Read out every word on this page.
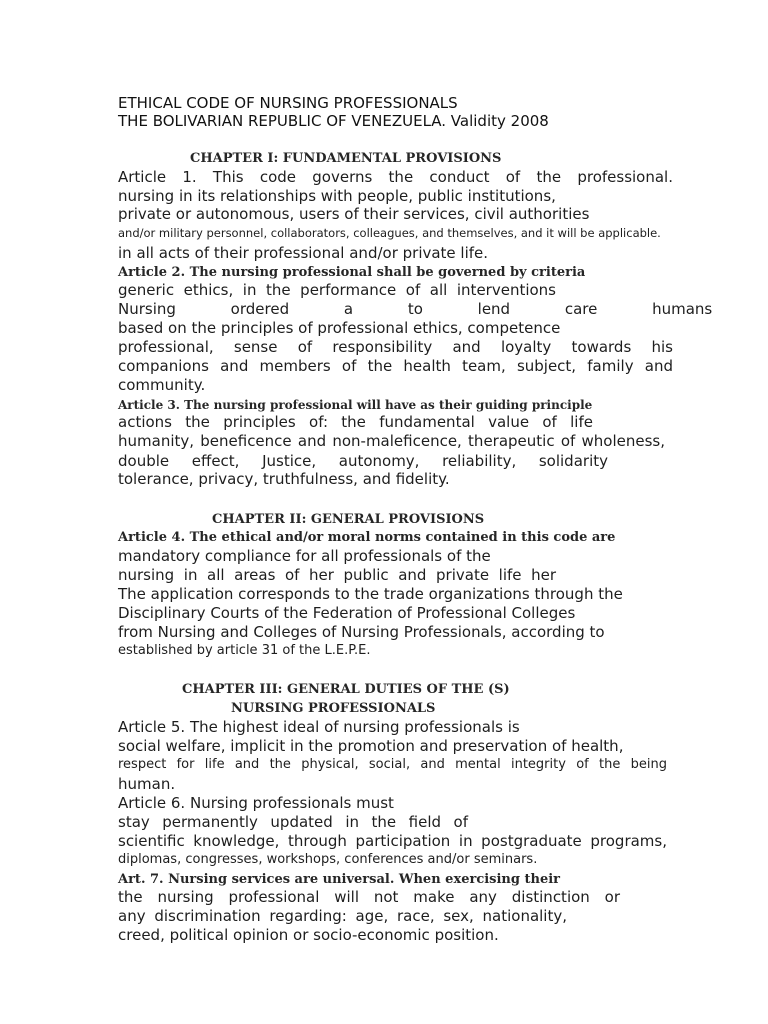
ETHICAL CODE OF NURSING PROFESSIONALS
THE BOLIVARIAN REPUBLIC OF VENEZUELA. Validity 2008
CHAPTER I: FUNDAMENTAL PROVISIONS
Article 1. This code governs the conduct of the professional.
nursing in its relationships with people, public institutions,
private or autonomous, users of their services, civil authorities
and/or military personnel, collaborators, colleagues, and themselves, and it will be applicable.
in all acts of their professional and/or private life.
Article 2. The nursing professional shall be governed by criteria
generic ethics, in the performance of all interventions
Nursing ordered a to lend care humans
based on the principles of professional ethics, competence
professional, sense of responsibility and loyalty towards his
companions and members of the health team, subject, family and
community.
Article 3. The nursing professional will have as their guiding principle
actions the principles of: the fundamental value of life
humanity, beneficence and non-maleficence, therapeutic of wholeness,
double effect, Justice, autonomy, reliability, solidarity
tolerance, privacy, truthfulness, and fidelity.
CHAPTER II: GENERAL PROVISIONS
Article 4. The ethical and/or moral norms contained in this code are
mandatory compliance for all professionals of the
nursing in all areas of her public and private life her
The application corresponds to the trade organizations through the
Disciplinary Courts of the Federation of Professional Colleges
from Nursing and Colleges of Nursing Professionals, according to
established by article 31 of the L.E.P.E.
CHAPTER III: GENERAL DUTIES OF THE (S)
NURSING PROFESSIONALS
Article 5. The highest ideal of nursing professionals is
social welfare, implicit in the promotion and preservation of health,
respect for life and the physical, social, and mental integrity of the being
human.
Article 6. Nursing professionals must
stay permanently updated in the field of
scientific knowledge, through participation in postgraduate programs,
diplomas, congresses, workshops, conferences and/or seminars.
Art. 7. Nursing services are universal. When exercising their
the nursing professional will not make any distinction or
any discrimination regarding: age, race, sex, nationality,
creed, political opinion or socio-economic position.
